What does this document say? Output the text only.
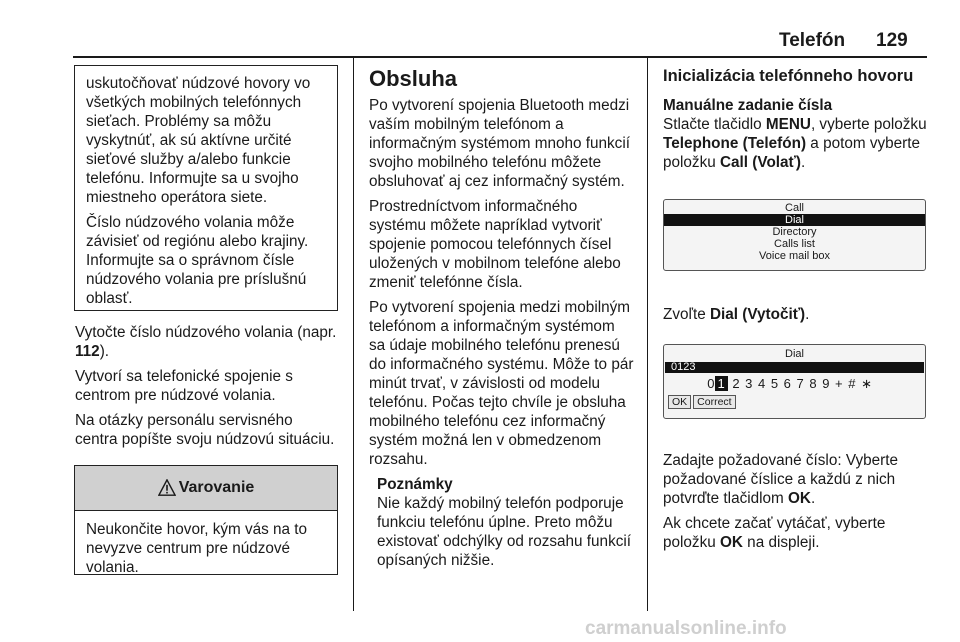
Telefón 129

uskutočňovať núdzové hovory vo všetkých mobilných telefónnych sieťach. Problémy sa môžu vyskytnúť, ak sú aktívne určité sieťové služby a/alebo funkcie telefónu. Informujte sa u svojho miestneho operátora siete.

Číslo núdzového volania môže závisieť od regiónu alebo krajiny. Informujte sa o správnom čísle núdzového volania pre príslušnú oblasť.

Vytočte číslo núdzového volania (napr. 112).

Vytvorí sa telefonické spojenie s centrom pre núdzové volania.

Na otázky personálu servisného centra popíšte svoju núdzovú situáciu.

Varovanie
Neukončite hovor, kým vás na to nevyzve centrum pre núdzové volania.
Obsluha

Po vytvorení spojenia Bluetooth medzi vaším mobilným telefónom a informačným systémom mnoho funkcií svojho mobilného telefónu môžete obsluhovať aj cez informačný systém.

Prostredníctvom informačného systému môžete napríklad vytvoriť spojenie pomocou telefónnych čísel uložených v mobilnom telefóne alebo zmeniť telefónne čísla.

Po vytvorení spojenia medzi mobilným telefónom a informačným systémom sa údaje mobilného telefónu prenesú do informačného systému. Môže to pár minút trvať, v závislosti od modelu telefónu. Počas tejto chvíle je obsluha mobilného telefónu cez informačný systém možná len v obmedzenom rozsahu.

Poznámky
Nie každý mobilný telefón podporuje funkciu telefónu úplne. Preto môžu existovať odchýlky od rozsahu funkcií opísaných nižšie.
Inicializácia telefónneho hovoru
Manuálne zadanie čísla

Stlačte tlačidlo MENU, vyberte položku Telephone (Telefón) a potom vyberte položku Call (Volať).

Call
Dial
Directory
Calls list
Voice mail box

Zvoľte Dial (Vytočiť).

Dial
0123
0 1 2 3 4 5 6 7 8 9 + # ∗
OK Correct

Zadajte požadované číslo: Vyberte požadované číslice a každú z nich potvrďte tlačidlom OK.

Ak chcete začať vytáčať, vyberte položku OK na displeji.

carmanualsonline.info
